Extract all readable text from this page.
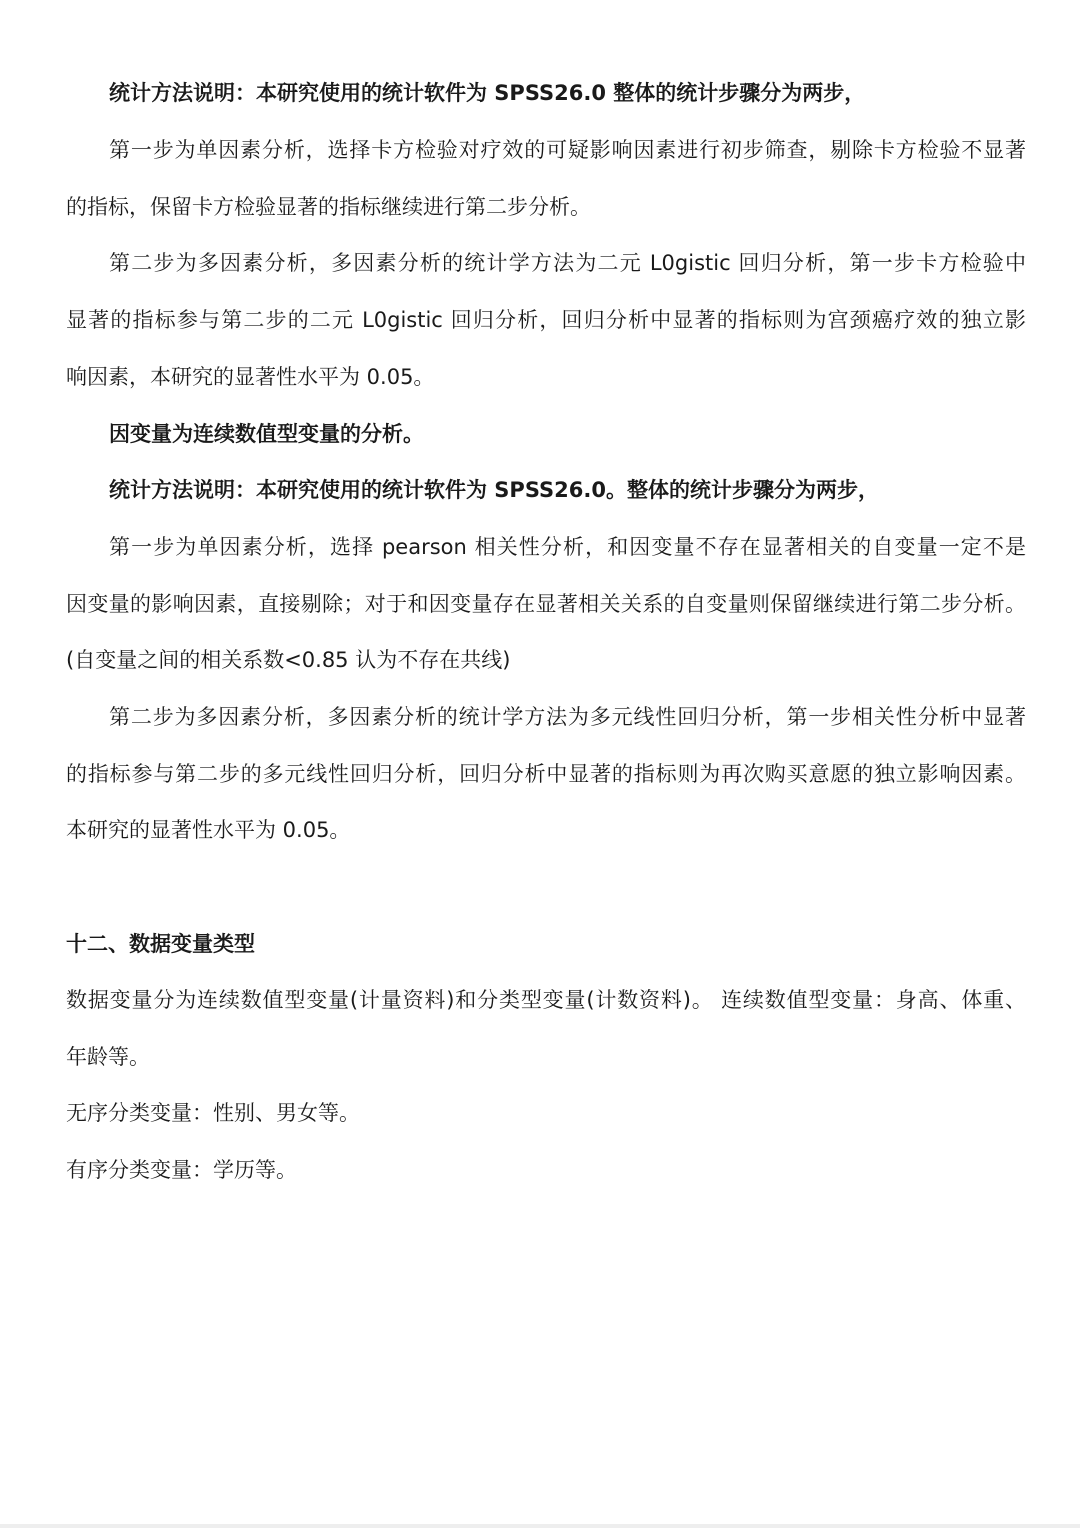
统计方法说明：本研究使用的统计软件为 SPSS26.0 整体的统计步骤分为两步，
第一步为单因素分析，选择卡方检验对疗效的可疑影响因素进行初步筛查，剔除卡方检验不显著
的指标，保留卡方检验显著的指标继续进行第二步分析。
第二步为多因素分析，多因素分析的统计学方法为二元 L0gistic 回归分析，第一步卡方检验中
显著的指标参与第二步的二元 L0gistic 回归分析，回归分析中显著的指标则为宫颈癌疗效的独立影
响因素，本研究的显著性水平为 0.05。
因变量为连续数值型变量的分析。
统计方法说明：本研究使用的统计软件为 SPSS26.0。整体的统计步骤分为两步，
第一步为单因素分析，选择 pearson 相关性分析，和因变量不存在显著相关的自变量一定不是
因变量的影响因素，直接剔除；对于和因变量存在显著相关关系的自变量则保留继续进行第二步分析。
(自变量之间的相关系数<0.85 认为不存在共线)
第二步为多因素分析，多因素分析的统计学方法为多元线性回归分析，第一步相关性分析中显著
的指标参与第二步的多元线性回归分析，回归分析中显著的指标则为再次购买意愿的独立影响因素。
本研究的显著性水平为 0.05。
十二、数据变量类型
数据变量分为连续数值型变量(计量资料)和分类型变量(计数资料)。 连续数值型变量：身高、体重、
年龄等。
无序分类变量：性别、男女等。
有序分类变量：学历等。
